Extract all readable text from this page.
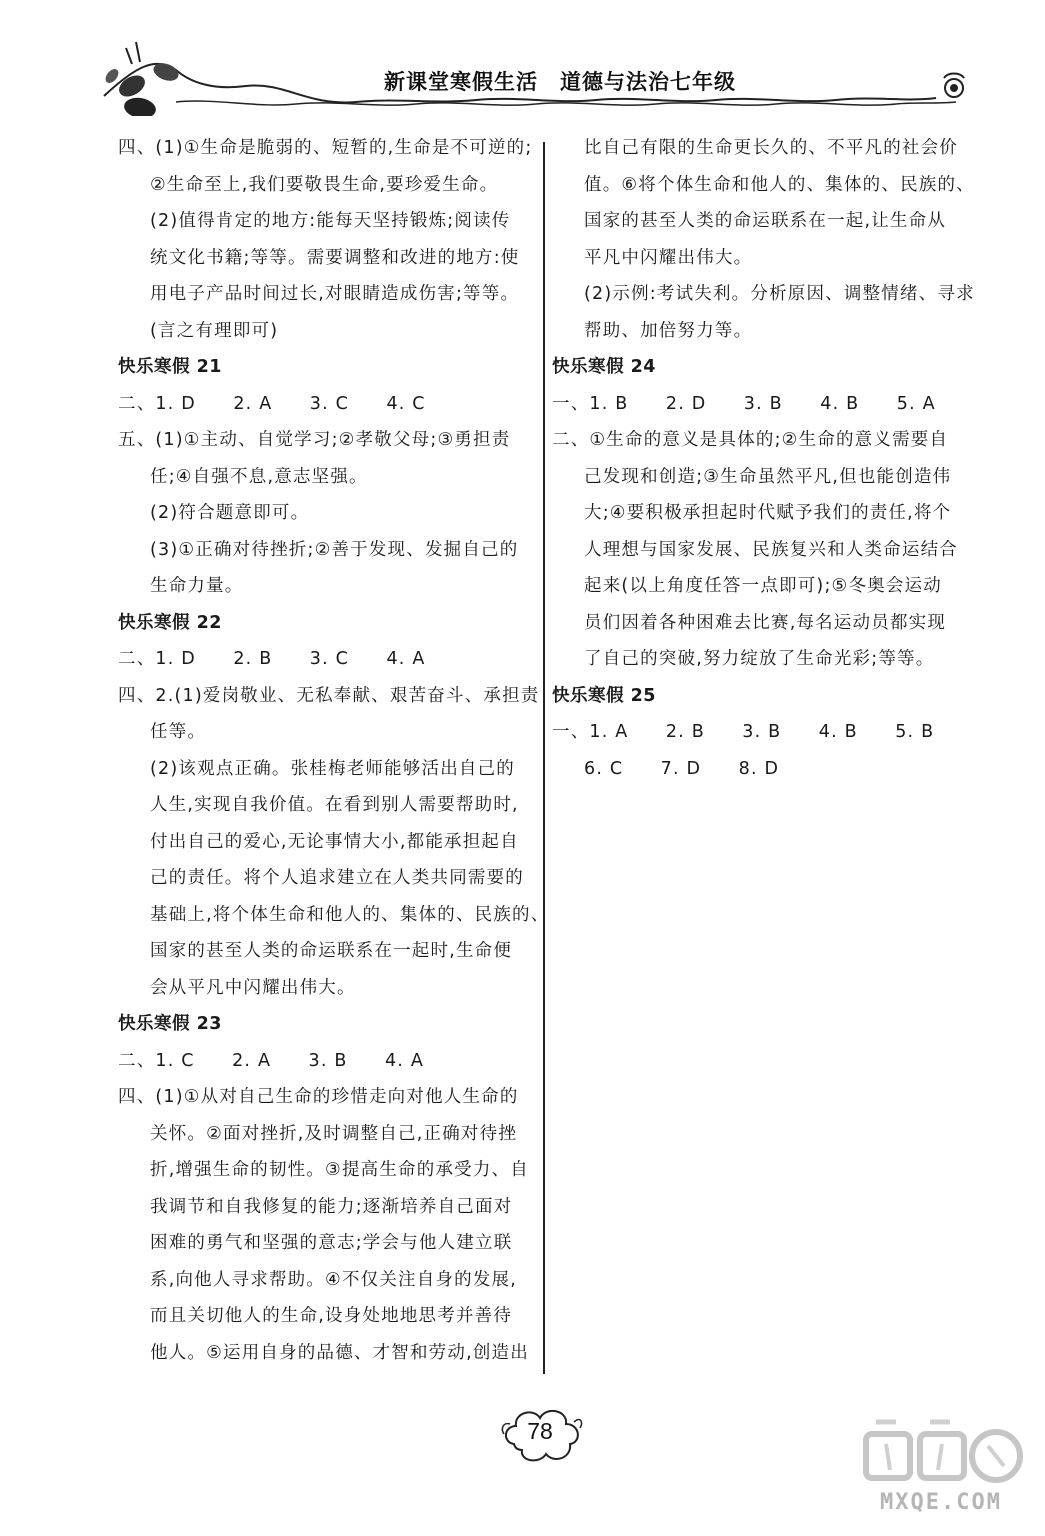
新课堂寒假生活 道德与法治七年级
四、(1)①生命是脆弱的、短暂的,生命是不可逆的;
②生命至上,我们要敬畏生命,要珍爱生命。
(2)值得肯定的地方:能每天坚持锻炼;阅读传
统文化书籍;等等。需要调整和改进的地方:使
用电子产品时间过长,对眼睛造成伤害;等等。
(言之有理即可)
快乐寒假 21
二、1. D　　2. A　　3. C　　4. C
五、(1)①主动、自觉学习;②孝敬父母;③勇担责
任;④自强不息,意志坚强。
(2)符合题意即可。
(3)①正确对待挫折;②善于发现、发掘自己的
生命力量。
快乐寒假 22
二、1. D　　2. B　　3. C　　4. A
四、2.(1)爱岗敬业、无私奉献、艰苦奋斗、承担责
任等。
(2)该观点正确。张桂梅老师能够活出自己的
人生,实现自我价值。在看到别人需要帮助时,
付出自己的爱心,无论事情大小,都能承担起自
己的责任。将个人追求建立在人类共同需要的
基础上,将个体生命和他人的、集体的、民族的、
国家的甚至人类的命运联系在一起时,生命便
会从平凡中闪耀出伟大。
快乐寒假 23
二、1. C　　2. A　　3. B　　4. A
四、(1)①从对自己生命的珍惜走向对他人生命的
关怀。②面对挫折,及时调整自己,正确对待挫
折,增强生命的韧性。③提高生命的承受力、自
我调节和自我修复的能力;逐渐培养自己面对
困难的勇气和坚强的意志;学会与他人建立联
系,向他人寻求帮助。④不仅关注自身的发展,
而且关切他人的生命,设身处地地思考并善待
他人。⑤运用自身的品德、才智和劳动,创造出
比自己有限的生命更长久的、不平凡的社会价
值。⑥将个体生命和他人的、集体的、民族的、
国家的甚至人类的命运联系在一起,让生命从
平凡中闪耀出伟大。
(2)示例:考试失利。分析原因、调整情绪、寻求
帮助、加倍努力等。
快乐寒假 24
一、1. B　　2. D　　3. B　　4. B　　5. A
二、①生命的意义是具体的;②生命的意义需要自
己发现和创造;③生命虽然平凡,但也能创造伟
大;④要积极承担起时代赋予我们的责任,将个
人理想与国家发展、民族复兴和人类命运结合
起来(以上角度任答一点即可);⑤冬奥会运动
员们因着各种困难去比赛,每名运动员都实现
了自己的突破,努力绽放了生命光彩;等等。
快乐寒假 25
一、1. A　　2. B　　3. B　　4. B　　5. B
6. C　　7. D　　8. D
78
MXQE.COM
